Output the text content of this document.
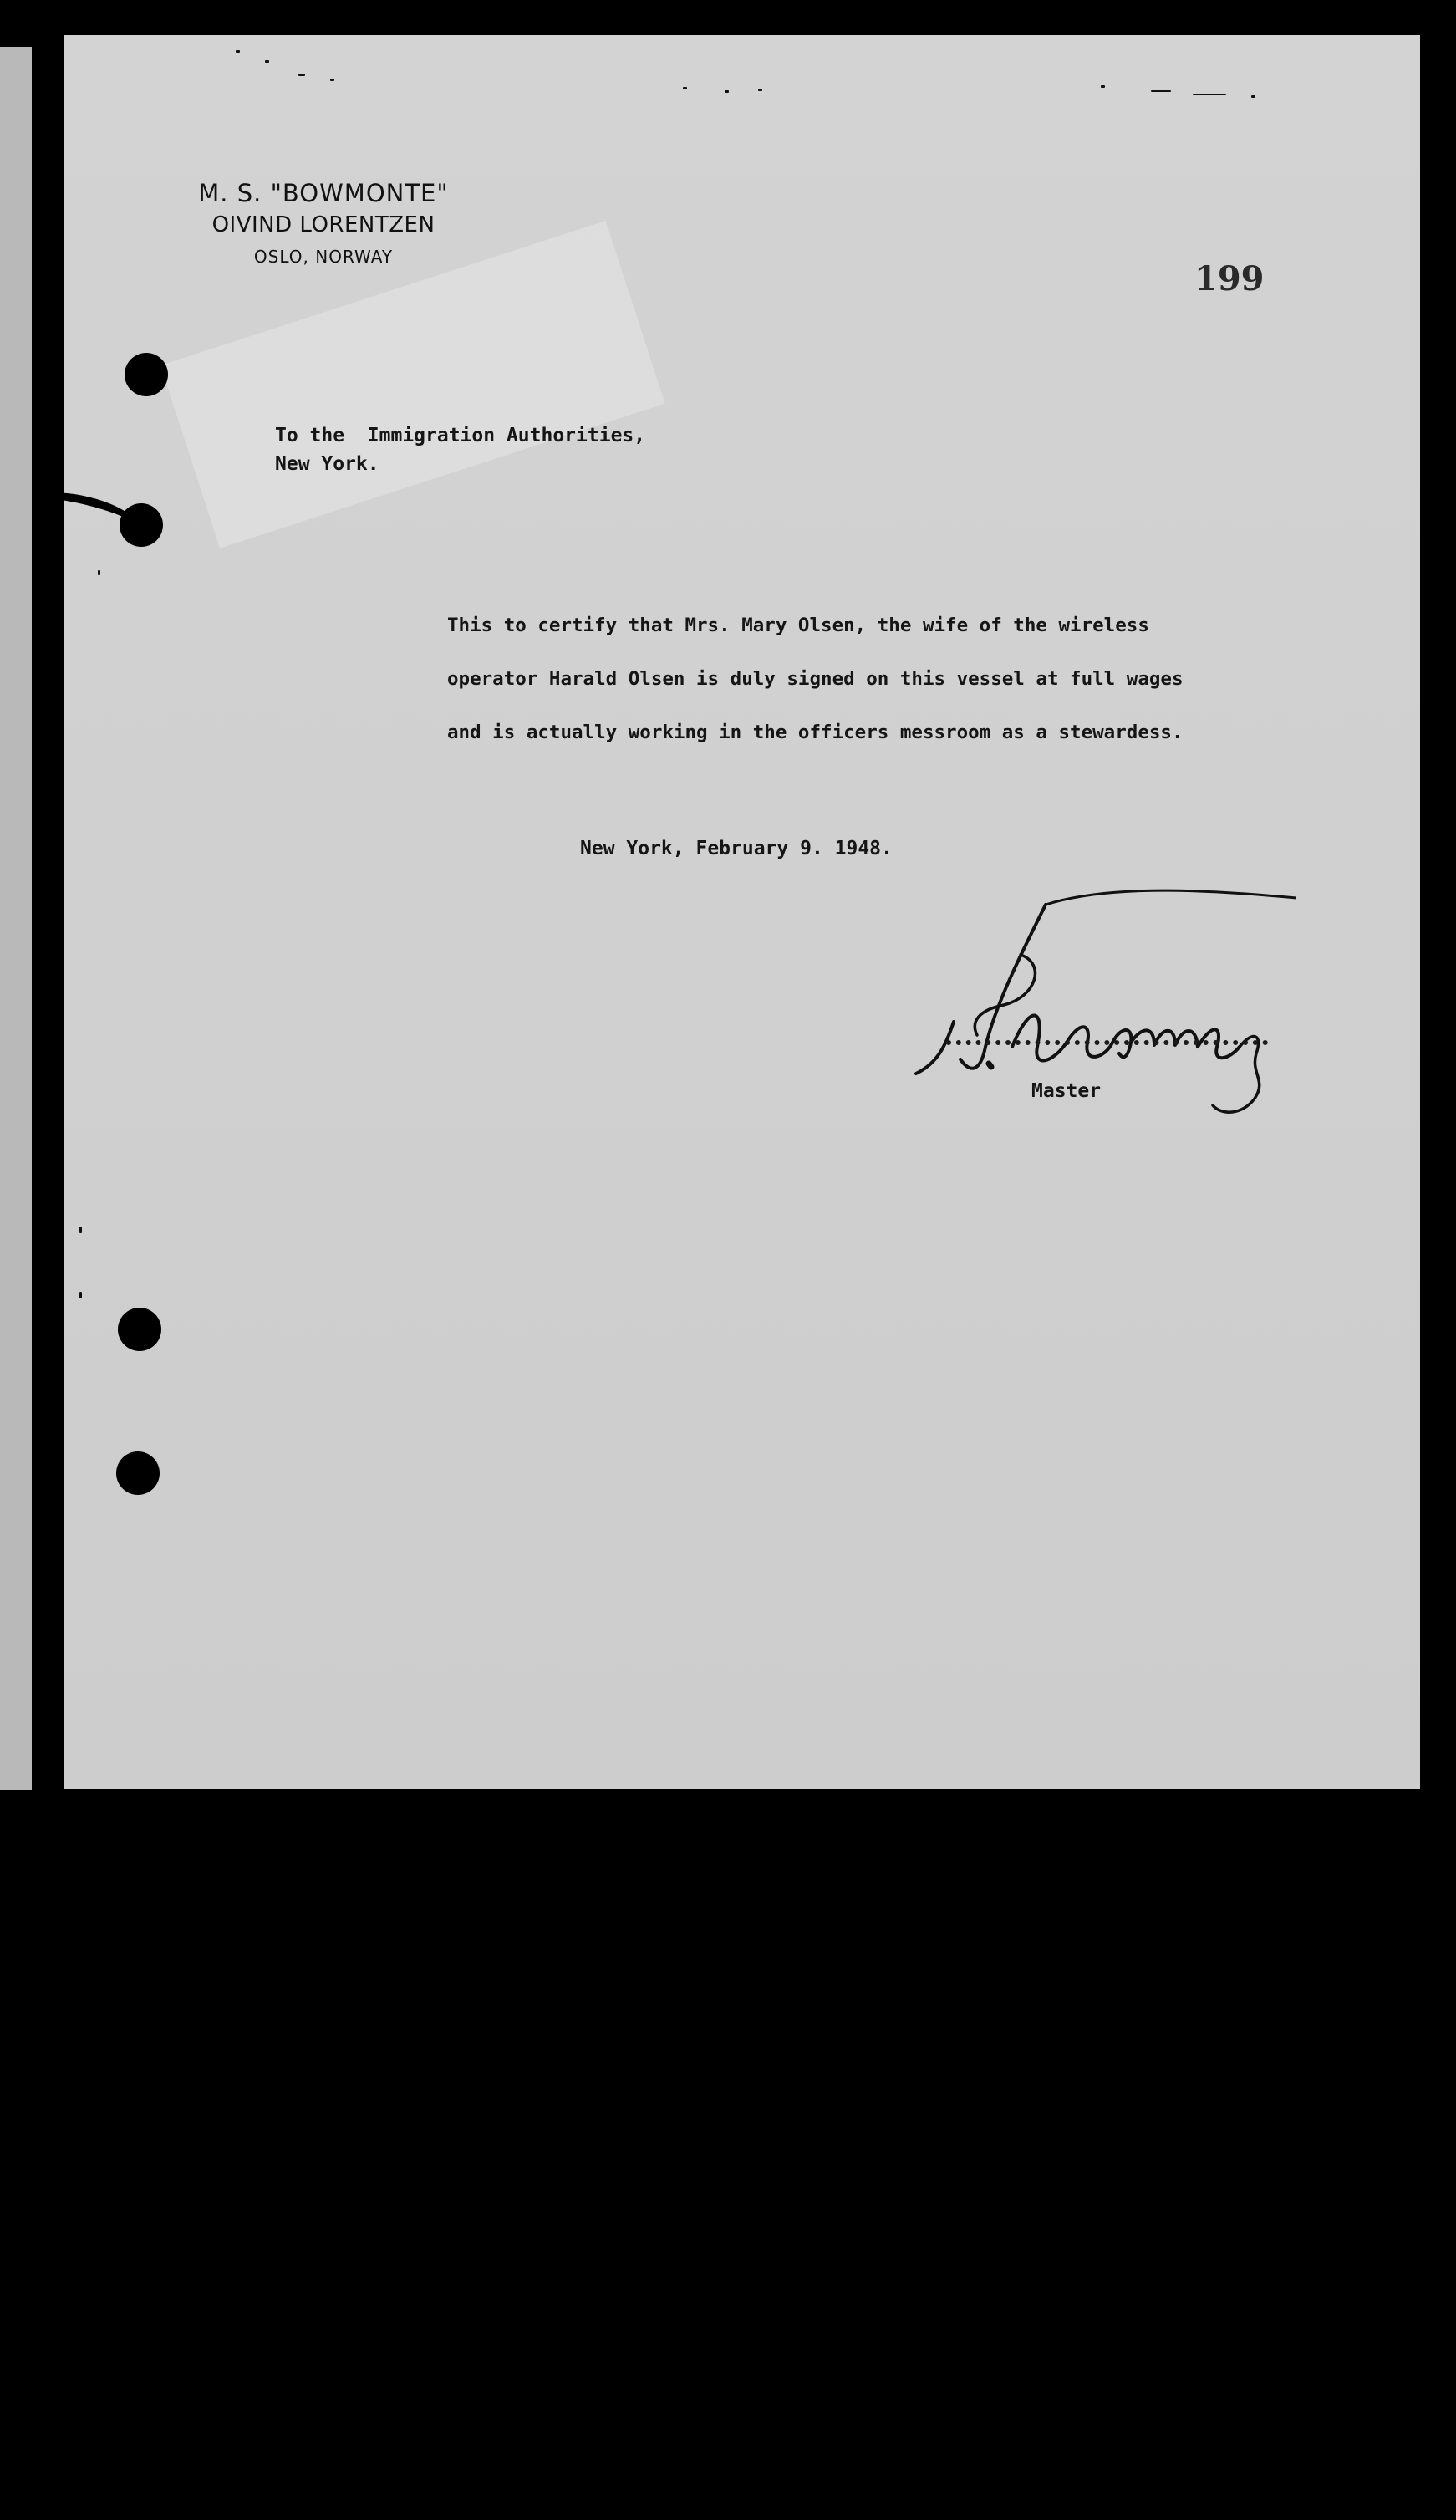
M. S. "BOWMONTE"
OIVIND LORENTZEN
OSLO, NORWAY
199
To the  Immigration Authorities,
New York.
This to certify that Mrs. Mary Olsen, the wife of the wireless
operator Harald Olsen is duly signed on this vessel at full wages
and is actually working in the officers messroom as a stewardess.
New York, February 9. 1948.
Master
